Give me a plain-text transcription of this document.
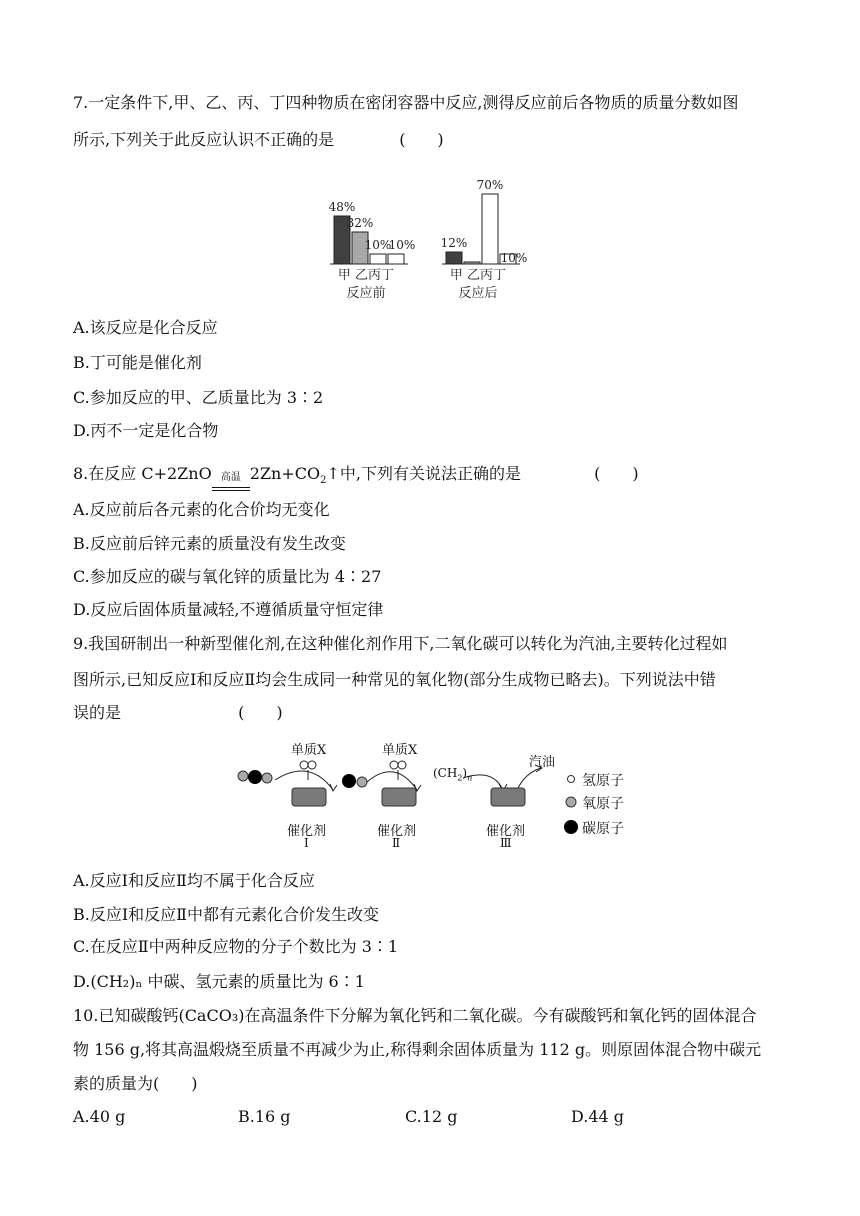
7.一定条件下,甲、乙、丙、丁四种物质在密闭容器中反应,测得反应前后各物质的质量分数如图
所示,下列关于此反应认识不正确的是	(　　)
48%
32%
10%
10%
甲 乙丙丁
反应前
12%
70%
10%
甲 乙丙丁
反应后
A.该反应是化合反应
B.丁可能是催化剂
C.参加反应的甲、乙质量比为 3∶2
D.丙不一定是化合物
8.在反应 C+2ZnO 高温 $2Zn+CO_2↑$中,下列有关说法正确的是	(　　)
A.反应前后各元素的化合价均无变化
B.反应前后锌元素的质量没有发生改变
C.参加反应的碳与氧化锌的质量比为 4∶27
D.反应后固体质量减轻,不遵循质量守恒定律
9.我国研制出一种新型催化剂,在这种催化剂作用下,二氧化碳可以转化为汽油,主要转化过程如
图所示,已知反应Ⅰ和反应Ⅱ均会生成同一种常见的氧化物(部分生成物已略去)。下列说法中错
误的是	(　　)
单质X	单质X
$(CH_2)_n$
汽油
催化剂
Ⅰ
催化剂
Ⅱ
催化剂
Ⅲ
氢原子
氧原子
碳原子
A.反应Ⅰ和反应Ⅱ均不属于化合反应
B.反应Ⅰ和反应Ⅱ中都有元素化合价发生改变
C.在反应Ⅱ中两种反应物的分子个数比为 3∶1
D.(CH₂)ₙ 中碳、氢元素的质量比为 6∶1
10.已知碳酸钙(CaCO₃)在高温条件下分解为氧化钙和二氧化碳。今有碳酸钙和氧化钙的固体混合
物 156 g,将其高温煅烧至质量不再减少为止,称得剩余固体质量为 112 g。则原固体混合物中碳元
素的质量为(　　)
A.40 g	B.16 g	C.12 g	D.44 g
